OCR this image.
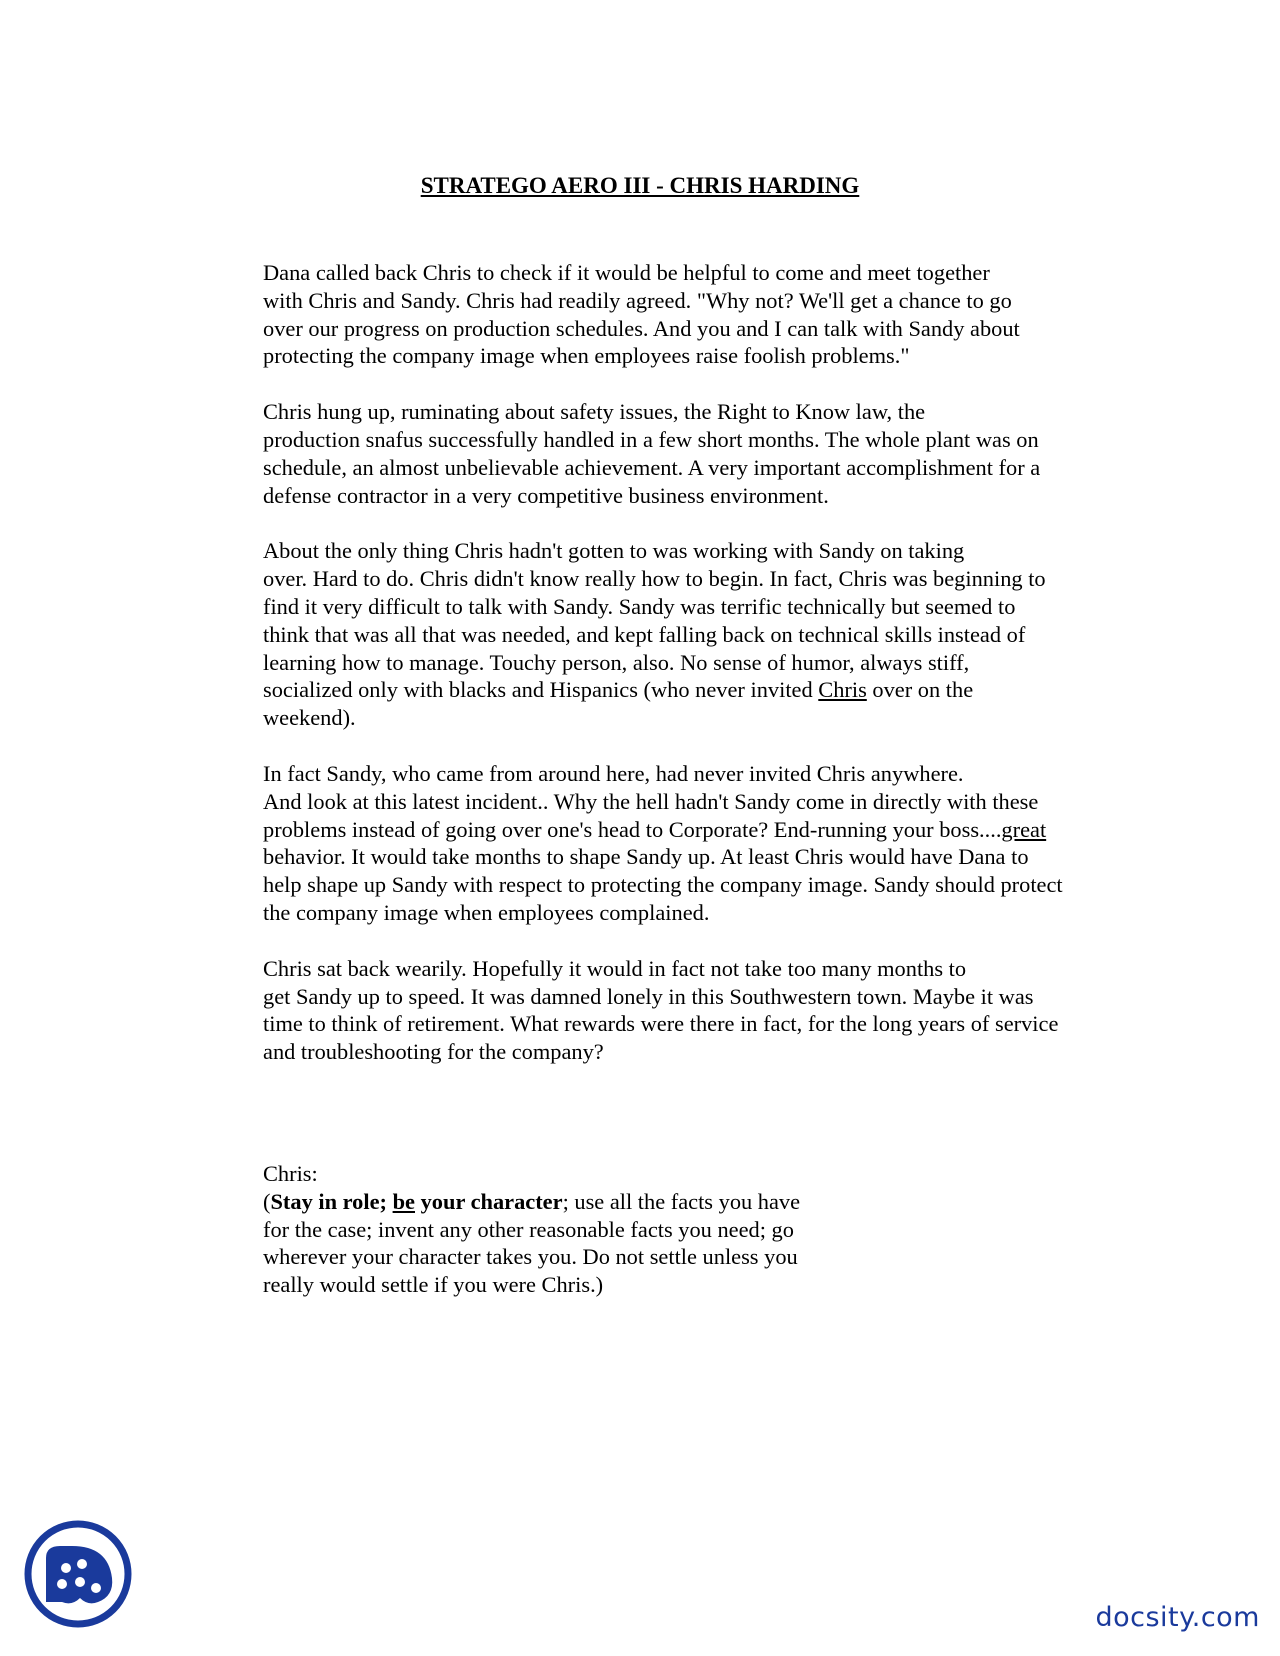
STRATEGO AERO III - CHRIS HARDING

Dana called back Chris to check if it would be helpful to come and meet together
with Chris and Sandy. Chris had readily agreed. "Why not? We'll get a chance to go
over our progress on production schedules. And you and I can talk with Sandy about
protecting the company image when employees raise foolish problems."

Chris hung up, ruminating about safety issues, the Right to Know law, the
production snafus successfully handled in a few short months. The whole plant was on
schedule, an almost unbelievable achievement. A very important accomplishment for a
defense contractor in a very competitive business environment.

About the only thing Chris hadn't gotten to was working with Sandy on taking
over. Hard to do. Chris didn't know really how to begin. In fact, Chris was beginning to
find it very difficult to talk with Sandy. Sandy was terrific technically but seemed to
think that was all that was needed, and kept falling back on technical skills instead of
learning how to manage. Touchy person, also. No sense of humor, always stiff,
socialized only with blacks and Hispanics (who never invited Chris over on the
weekend).

In fact Sandy, who came from around here, had never invited Chris anywhere.
And look at this latest incident.. Why the hell hadn't Sandy come in directly with these
problems instead of going over one's head to Corporate? End-running your boss....great
behavior. It would take months to shape Sandy up. At least Chris would have Dana to
help shape up Sandy with respect to protecting the company image. Sandy should protect
the company image when employees complained.

Chris sat back wearily. Hopefully it would in fact not take too many months to
get Sandy up to speed. It was damned lonely in this Southwestern town. Maybe it was
time to think of retirement. What rewards were there in fact, for the long years of service
and troubleshooting for the company?

Chris:
(Stay in role; be your character; use all the facts you have
for the case; invent any other reasonable facts you need; go
wherever your character takes you. Do not settle unless you
really would settle if you were Chris.)
docsity.com
